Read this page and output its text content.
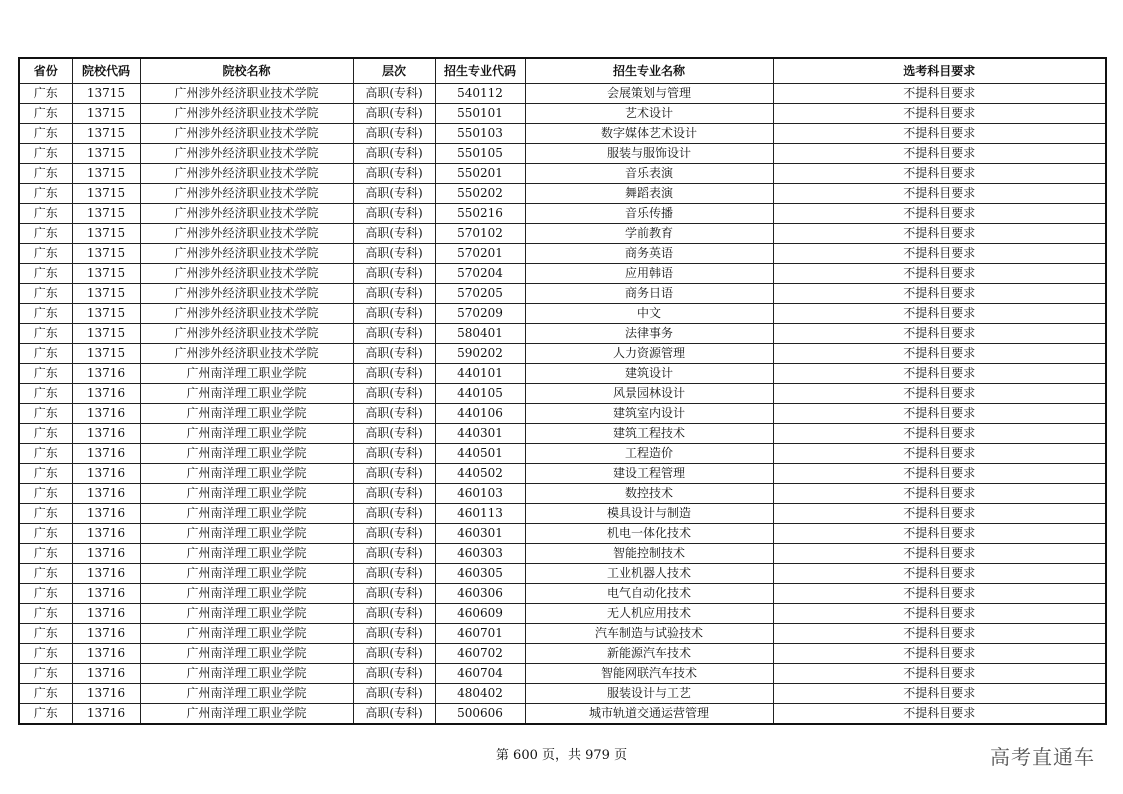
省份	院校代码	院校名称	层次	招生专业代码	招生专业名称	选考科目要求
广东	13715	广州涉外经济职业技术学院	高职(专科)	540112	会展策划与管理	不提科目要求
广东	13715	广州涉外经济职业技术学院	高职(专科)	550101	艺术设计	不提科目要求
广东	13715	广州涉外经济职业技术学院	高职(专科)	550103	数字媒体艺术设计	不提科目要求
广东	13715	广州涉外经济职业技术学院	高职(专科)	550105	服装与服饰设计	不提科目要求
广东	13715	广州涉外经济职业技术学院	高职(专科)	550201	音乐表演	不提科目要求
广东	13715	广州涉外经济职业技术学院	高职(专科)	550202	舞蹈表演	不提科目要求
广东	13715	广州涉外经济职业技术学院	高职(专科)	550216	音乐传播	不提科目要求
广东	13715	广州涉外经济职业技术学院	高职(专科)	570102	学前教育	不提科目要求
广东	13715	广州涉外经济职业技术学院	高职(专科)	570201	商务英语	不提科目要求
广东	13715	广州涉外经济职业技术学院	高职(专科)	570204	应用韩语	不提科目要求
广东	13715	广州涉外经济职业技术学院	高职(专科)	570205	商务日语	不提科目要求
广东	13715	广州涉外经济职业技术学院	高职(专科)	570209	中文	不提科目要求
广东	13715	广州涉外经济职业技术学院	高职(专科)	580401	法律事务	不提科目要求
广东	13715	广州涉外经济职业技术学院	高职(专科)	590202	人力资源管理	不提科目要求
广东	13716	广州南洋理工职业学院	高职(专科)	440101	建筑设计	不提科目要求
广东	13716	广州南洋理工职业学院	高职(专科)	440105	风景园林设计	不提科目要求
广东	13716	广州南洋理工职业学院	高职(专科)	440106	建筑室内设计	不提科目要求
广东	13716	广州南洋理工职业学院	高职(专科)	440301	建筑工程技术	不提科目要求
广东	13716	广州南洋理工职业学院	高职(专科)	440501	工程造价	不提科目要求
广东	13716	广州南洋理工职业学院	高职(专科)	440502	建设工程管理	不提科目要求
广东	13716	广州南洋理工职业学院	高职(专科)	460103	数控技术	不提科目要求
广东	13716	广州南洋理工职业学院	高职(专科)	460113	模具设计与制造	不提科目要求
广东	13716	广州南洋理工职业学院	高职(专科)	460301	机电一体化技术	不提科目要求
广东	13716	广州南洋理工职业学院	高职(专科)	460303	智能控制技术	不提科目要求
广东	13716	广州南洋理工职业学院	高职(专科)	460305	工业机器人技术	不提科目要求
广东	13716	广州南洋理工职业学院	高职(专科)	460306	电气自动化技术	不提科目要求
广东	13716	广州南洋理工职业学院	高职(专科)	460609	无人机应用技术	不提科目要求
广东	13716	广州南洋理工职业学院	高职(专科)	460701	汽车制造与试验技术	不提科目要求
广东	13716	广州南洋理工职业学院	高职(专科)	460702	新能源汽车技术	不提科目要求
广东	13716	广州南洋理工职业学院	高职(专科)	460704	智能网联汽车技术	不提科目要求
广东	13716	广州南洋理工职业学院	高职(专科)	480402	服装设计与工艺	不提科目要求
广东	13716	广州南洋理工职业学院	高职(专科)	500606	城市轨道交通运营管理	不提科目要求
第 600 页，共 979 页	高考直通车
